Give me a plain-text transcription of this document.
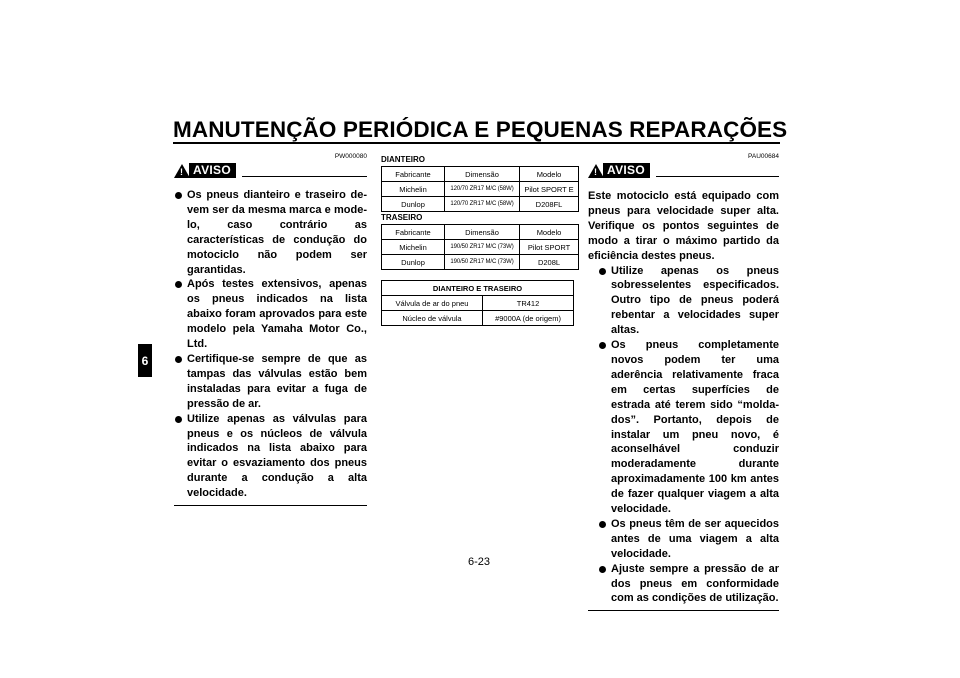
MANUTENÇÃO PERIÓDICA E PEQUENAS REPARAÇÕES
6
PW000080
! AVISO
Os pneus dianteiro e traseiro devem ser da mesma marca e modelo, caso contrário as características de condução do motociclo não podem ser garantidas.
Após testes extensivos, apenas os pneus indicados na lista abaixo foram aprovados para este modelo pela Yamaha Motor Co., Ltd.
Certifique-se sempre de que as tampas das válvulas estão bem instaladas para evitar a fuga de pressão de ar.
Utilize apenas as válvulas para pneus e os núcleos de válvula indicados na lista abaixo para evitar o esvaziamento dos pneus durante a condução a alta velocidade.
DIANTEIRO
Fabricante	Dimensão	Modelo
Michelin	120/70 ZR17 M/C (58W)	Pilot SPORT E
Dunlop	120/70 ZR17 M/C (58W)	D208FL
TRASEIRO
Fabricante	Dimensão	Modelo
Michelin	190/50 ZR17 M/C (73W)	Pilot SPORT
Dunlop	190/50 ZR17 M/C (73W)	D208L
DIANTEIRO E TRASEIRO	
Válvula de ar do pneu	TR412
Núcleo de válvula	#9000A (de origem)
PAU00684
! AVISO
Este motociclo está equipado com pneus para velocidade super alta. Verifique os pontos seguintes de modo a tirar o máximo partido da eficiência destes pneus.
Utilize apenas os pneus sobresselentes especificados. Outro tipo de pneus poderá rebentar a velocidades super altas.
Os pneus completamente novos podem ter uma aderência relativamente fraca em certas superfícies de estrada até terem sido “moldados”. Portanto, depois de instalar um pneu novo, é aconselhável conduzir moderadamente durante aproximadamente 100 km antes de fazer qualquer viagem a alta velocidade.
Os pneus têm de ser aquecidos antes de uma viagem a alta velocidade.
Ajuste sempre a pressão de ar dos pneus em conformidade com as condições de utilização.
6-23
